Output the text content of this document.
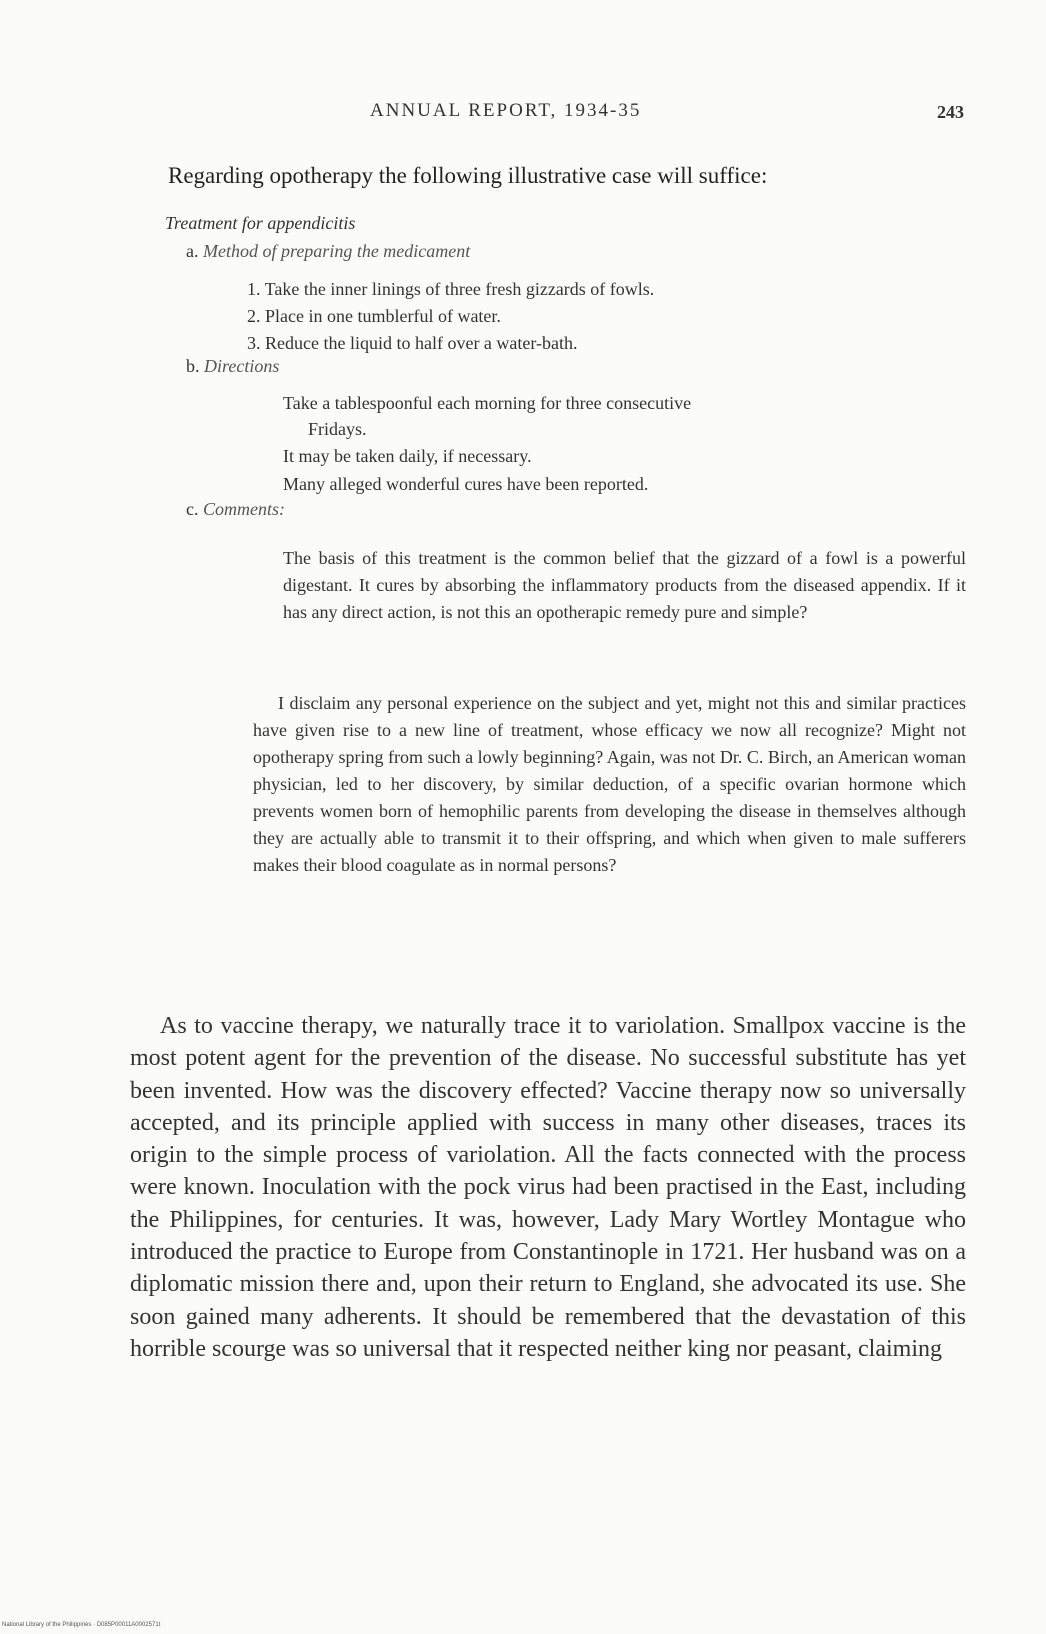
ANNUAL REPORT, 1934-35	243
Regarding opotherapy the following illustrative case will suffice:
Treatment for appendicitis
a. Method of preparing the medicament
1. Take the inner linings of three fresh gizzards of fowls.
2. Place in one tumblerful of water.
3. Reduce the liquid to half over a water-bath.
b. Directions
Take a tablespoonful each morning for three consecutive
Fridays.
It may be taken daily, if necessary.
Many alleged wonderful cures have been reported.
c. Comments:
The basis of this treatment is the common belief that the gizzard of a fowl is a powerful digestant. It cures by absorbing the inflammatory products from the diseased appendix. If it has any direct action, is not this an opotherapic remedy pure and simple?
I disclaim any personal experience on the subject and yet, might not this and similar practices have given rise to a new line of treatment, whose efficacy we now all recognize? Might not opotherapy spring from such a lowly beginning? Again, was not Dr. C. Birch, an American woman physician, led to her discovery, by similar deduction, of a specific ovarian hormone which prevents women born of hemophilic parents from developing the disease in themselves although they are actually able to transmit it to their offspring, and which when given to male sufferers makes their blood coagulate as in normal persons?
As to vaccine therapy, we naturally trace it to variolation. Smallpox vaccine is the most potent agent for the prevention of the disease. No successful substitute has yet been invented. How was the discovery effected? Vaccine therapy now so universally accepted, and its principle applied with success in many other diseases, traces its origin to the simple process of variolation. All the facts connected with the process were known. Inoculation with the pock virus had been practised in the East, including the Philippines, for centuries. It was, however, Lady Mary Wortley Montague who introduced the practice to Europe from Constantinople in 1721. Her husband was on a diplomatic mission there and, upon their return to England, she advocated its use. She soon gained many adherents. It should be remembered that the devastation of this horrible scourge was so universal that it respected neither king nor peasant, claiming
National Library of the Philippines · D085P00011A0002571t
